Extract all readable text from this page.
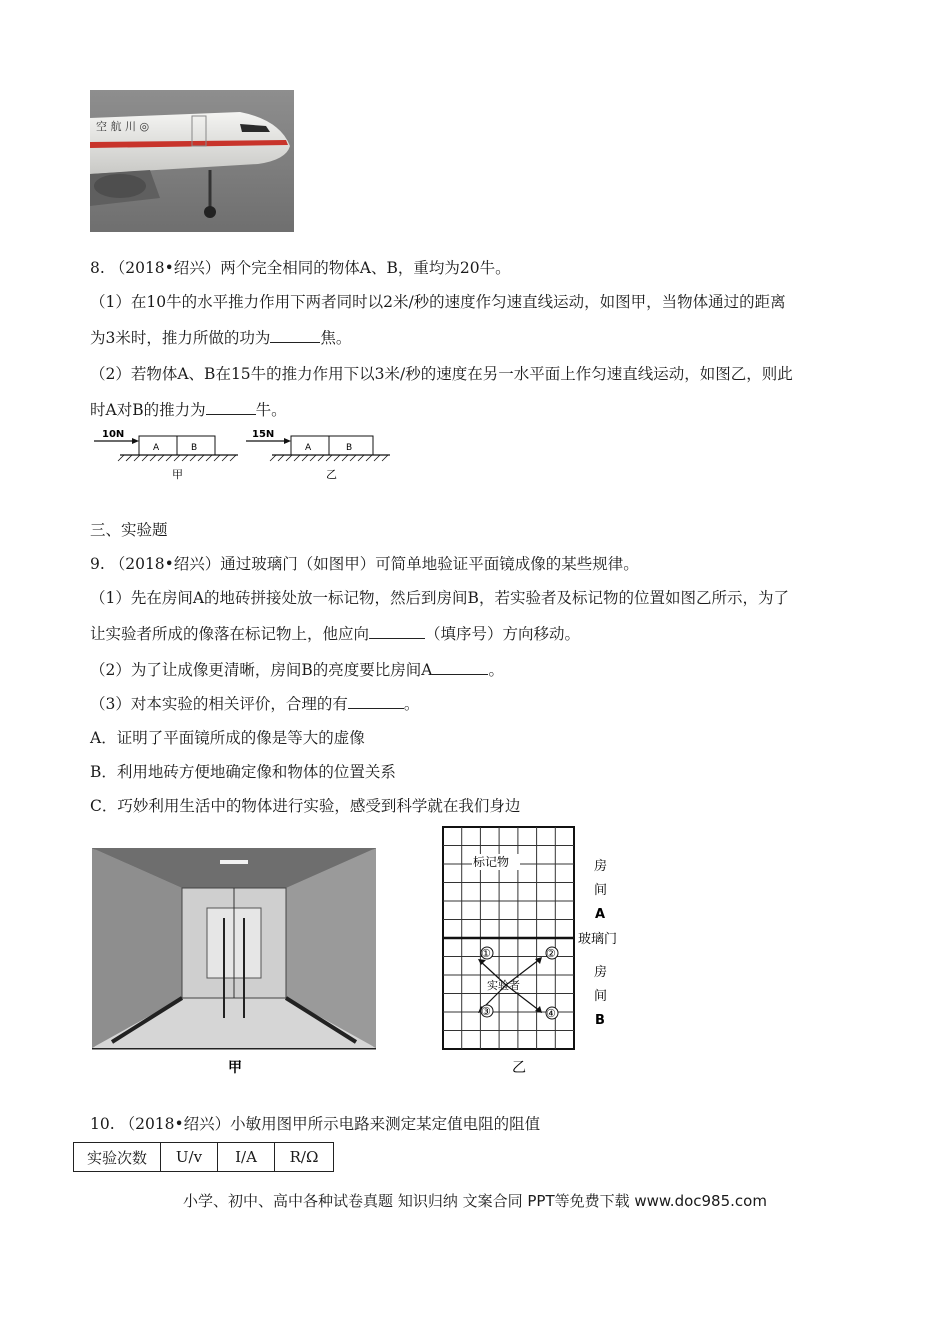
空 航 川 ◎
8. （2018•绍兴）两个完全相同的物体A、B，重均为20牛。
（1）在10牛的水平推力作用下两者同时以2米/秒的速度作匀速直线运动，如图甲，当物体通过的距离
为3米时，推力所做的功为	焦。
（2）若物体A、B在15牛的推力作用下以3米/秒的速度在另一水平面上作匀速直线运动，如图乙，则此
时A对B的推力为	牛。
10N
A	B
甲
15N
A	B
乙
三、实验题
9. （2018•绍兴）通过玻璃门（如图甲）可简单地验证平面镜成像的某些规律。
（1）先在房间A的地砖拼接处放一标记物，然后到房间B，若实验者及标记物的位置如图乙所示，为了
让实验者所成的像落在标记物上，他应向	（填序号）方向移动。
（2）为了让成像更清晰，房间B的亮度要比房间A	。
（3）对本实验的相关评价，合理的有	。
A．证明了平面镜所成的像是等大的虚像
B．利用地砖方便地确定像和物体的位置关系
C．巧妙利用生活中的物体进行实验，感受到科学就在我们身边
甲
标记物
实验者
①	②
③	④
房
间
A
玻璃门
房
间
B
乙
10. （2018•绍兴）小敏用图甲所示电路来测定某定值电阻的阻值
实验次数	U/v	I/A	R/Ω
小学、初中、高中各种试卷真题 知识归纳 文案合同 PPT等免费下载 www.doc985.com
